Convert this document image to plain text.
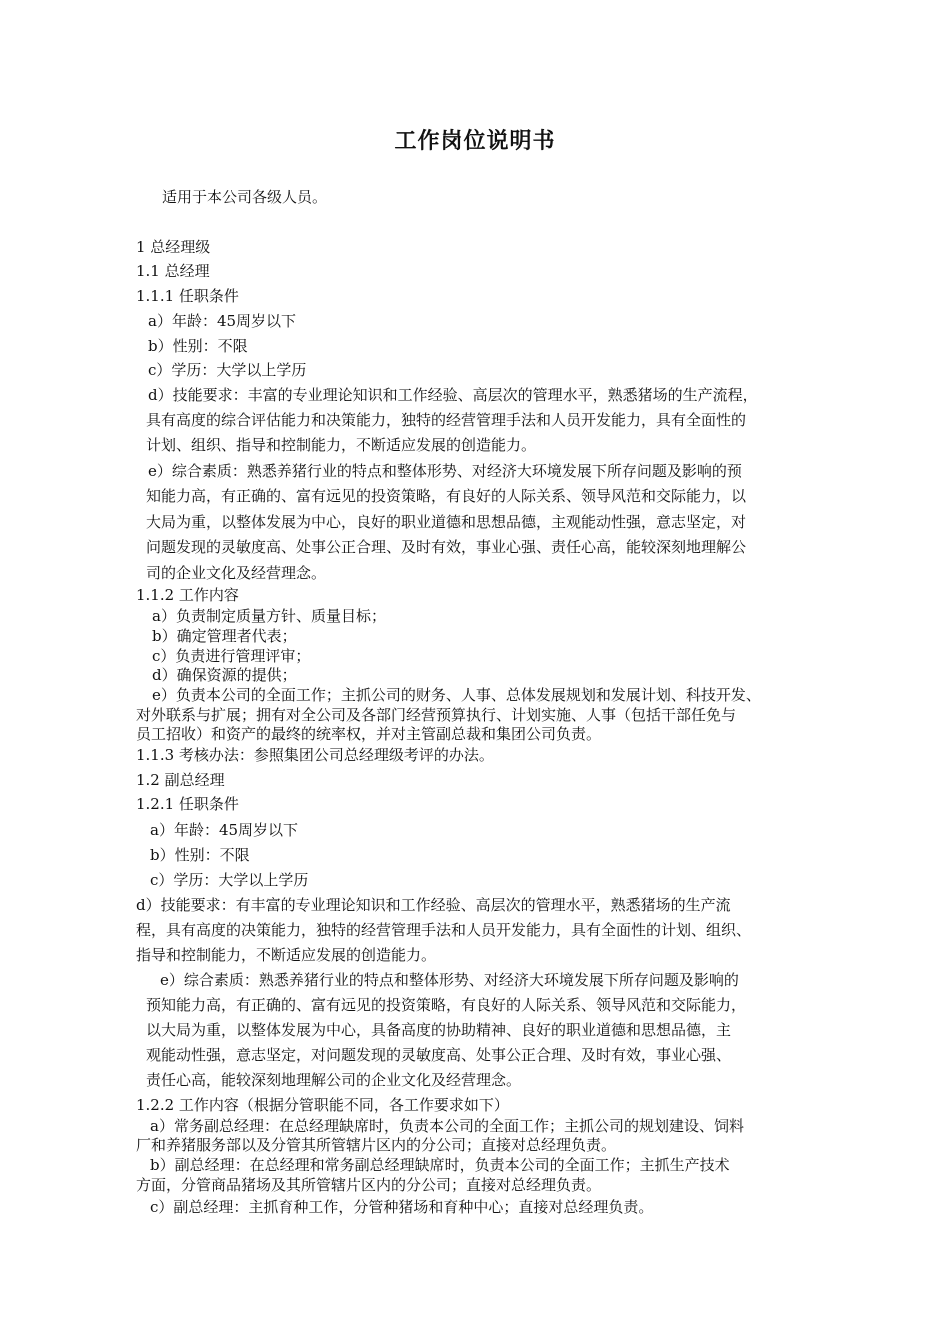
工作岗位说明书
适用于本公司各级人员。
1 总经理级
1.1 总经理
1.1.1 任职条件
a）年龄：45周岁以下
b）性别：不限
c）学历：大学以上学历
d）技能要求：丰富的专业理论知识和工作经验、高层次的管理水平，熟悉猪场的生产流程，
具有高度的综合评估能力和决策能力，独特的经营管理手法和人员开发能力，具有全面性的
计划、组织、指导和控制能力，不断适应发展的创造能力。
e）综合素质：熟悉养猪行业的特点和整体形势、对经济大环境发展下所存问题及影响的预
知能力高，有正确的、富有远见的投资策略，有良好的人际关系、领导风范和交际能力，以
大局为重，以整体发展为中心，良好的职业道德和思想品德，主观能动性强，意志坚定，对
问题发现的灵敏度高、处事公正合理、及时有效，事业心强、责任心高，能较深刻地理解公
司的企业文化及经营理念。
1.1.2 工作内容
a）负责制定质量方针、质量目标；
b）确定管理者代表；
c）负责进行管理评审；
d）确保资源的提供；
e）负责本公司的全面工作；主抓公司的财务、人事、总体发展规划和发展计划、科技开发、
对外联系与扩展；拥有对全公司及各部门经营预算执行、计划实施、人事（包括干部任免与
员工招收）和资产的最终的统率权，并对主管副总裁和集团公司负责。
1.1.3 考核办法：参照集团公司总经理级考评的办法。
1.2 副总经理
1.2.1 任职条件
a）年龄：45周岁以下
b）性别：不限
c）学历：大学以上学历
d）技能要求：有丰富的专业理论知识和工作经验、高层次的管理水平，熟悉猪场的生产流
程，具有高度的决策能力，独特的经营管理手法和人员开发能力，具有全面性的计划、组织、
指导和控制能力，不断适应发展的创造能力。
e）综合素质：熟悉养猪行业的特点和整体形势、对经济大环境发展下所存问题及影响的
预知能力高，有正确的、富有远见的投资策略，有良好的人际关系、领导风范和交际能力，
以大局为重，以整体发展为中心，具备高度的协助精神、良好的职业道德和思想品德，主
观能动性强，意志坚定，对问题发现的灵敏度高、处事公正合理、及时有效，事业心强、
责任心高，能较深刻地理解公司的企业文化及经营理念。
1.2.2 工作内容（根据分管职能不同，各工作要求如下）
a）常务副总经理：在总经理缺席时，负责本公司的全面工作；主抓公司的规划建设、饲料
厂和养猪服务部以及分管其所管辖片区内的分公司；直接对总经理负责。
b）副总经理：在总经理和常务副总经理缺席时，负责本公司的全面工作；主抓生产技术
方面，分管商品猪场及其所管辖片区内的分公司；直接对总经理负责。
c）副总经理：主抓育种工作，分管种猪场和育种中心；直接对总经理负责。
